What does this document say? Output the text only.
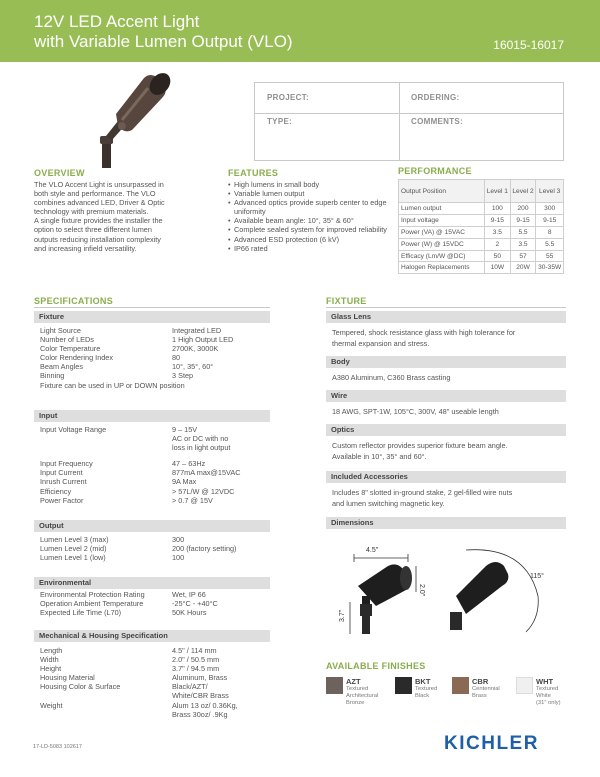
12V LED Accent Light
with Variable Lumen Output (VLO)	16015-16017
PROJECT:	ORDERING:
TYPE:	COMMENTS:
OVERVIEW
The VLO Accent Light is unsurpassed in
both style and performance. The VLO
combines advanced LED, Driver & Optic
technology with premium materials.
A single fixture provides the installer the
option to select three different lumen
outputs reducing installation complexity
and increasing infield versatility.
FEATURES
• High lumens in small body
• Variable lumen output
• Advanced optics provide superb center to edge uniformity
• Available beam angle: 10°, 35° & 60°
• Complete sealed system for improved reliability
• Advanced ESD protection (6 kV)
• IP66 rated
PERFORMANCE
Output Position	Level 1	Level 2	Level 3
Lumen output	100	200	300
Input voltage	9-15	9-15	9-15
Power (VA) @ 15VAC	3.5	5.5	8
Power (W) @ 15VDC	2	3.5	5.5
Efficacy (Lm/W @DC)	50	57	55
Halogen Replacements	10W	20W	30-35W
SPECIFICATIONS
Fixture
Light Source	Integrated LED
Number of LEDs	1 High Output LED
Color Temperature	2700K, 3000K
Color Rendering Index	80
Beam Angles	10°, 35°, 60°
Binning	3 Step
Fixture can be used in UP or DOWN position
Input
Input Voltage Range	9 – 15V
AC or DC with no
loss in light output
Input Frequency	47 – 63Hz
Input Current	877mA max@15VAC
Inrush Current	9A Max
Efficiency	> 57L/W @ 12VDC
Power Factor	> 0.7 @ 15V
Output
Lumen Level 3 (max)	300
Lumen Level 2 (mid)	200 (factory setting)
Lumen Level 1 (low)	100
Environmental
Environmental Protection Rating	Wet, IP 66
Operation Ambient Temperature	-25°C - +40°C
Expected Life Time (L70)	50K Hours
Mechanical & Housing Specification
Length	4.5" / 114 mm
Width	2.0" / 50.5 mm
Height	3.7" / 94.5 mm
Housing Material	Aluminum, Brass
Housing Color & Surface	Black/AZT/
White/CBR Brass
Weight	Alum 13 oz/ 0.36Kg,
Brass 30oz/ .9Kg
FIXTURE
Glass Lens
Tempered, shock resistance glass with high tolerance for
thermal expansion and stress.
Body
A380 Aluminum, C360 Brass casting
Wire
18 AWG, SPT-1W, 105°C, 300V, 48" useable length
Optics
Custom reflector provides superior fixture beam angle.
Available in 10°, 35° and 60°.
Included Accessories
Includes 8" slotted in-ground stake, 2 gel-filled wire nuts
and lumen switching magnetic key.
Dimensions
4.5"
2.0"
3.7"
115°
AVAILABLE FINISHES
AZT
Textured
Architectural
Bronze
BKT
Textured
Black
CBR
Centennial
Brass
WHT
Textured
White
(31" only)
17-LD-5083 102617	KICHLER
